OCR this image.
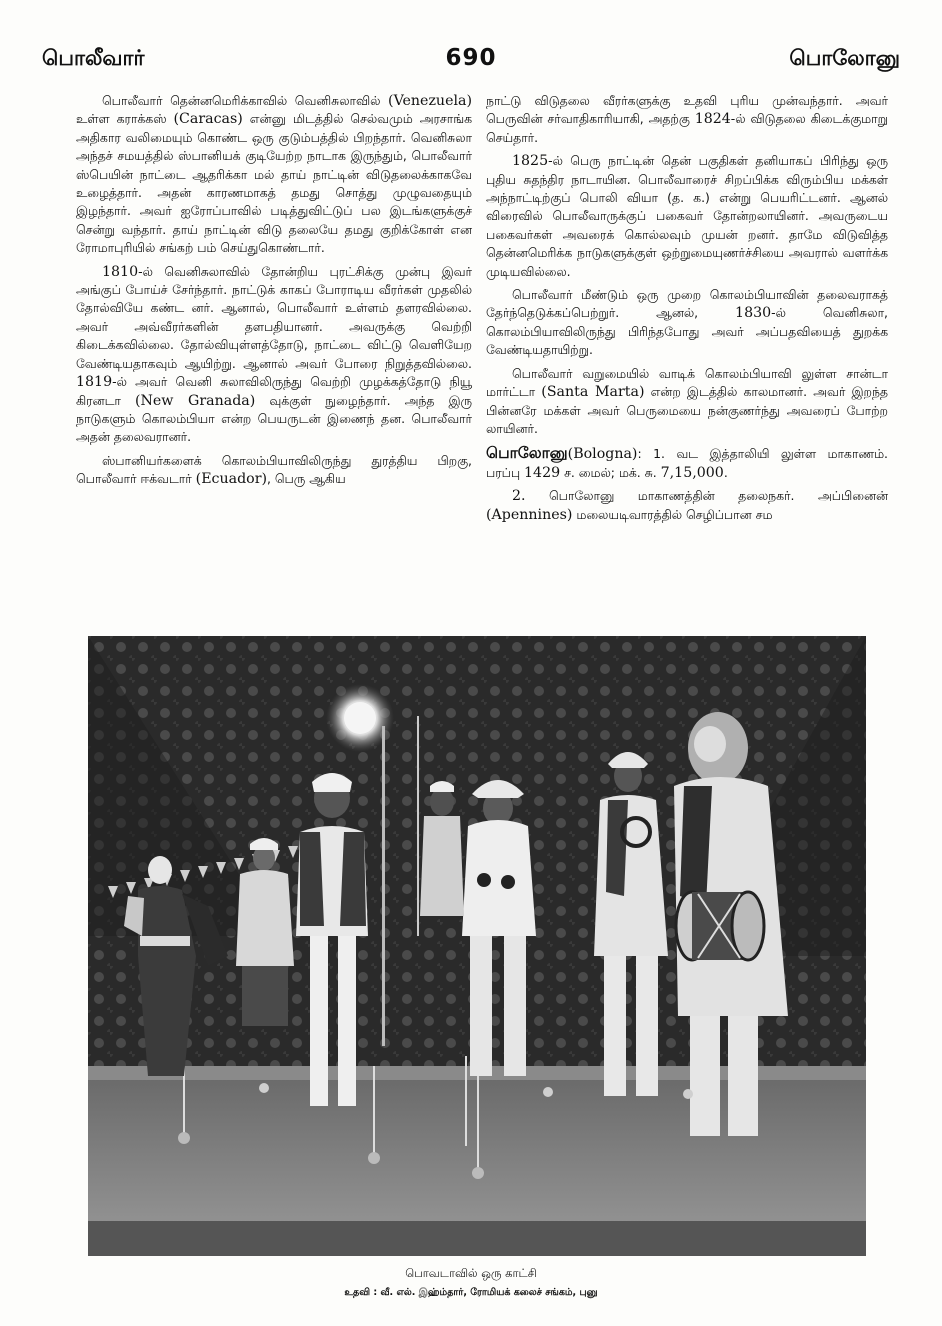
பொலீவார்	690	பொலோனு

பொலீவார் தென்னமெரிக்காவில் வெனிசுலாவில் (Venezuela) உள்ள கராக்கஸ் (Caracas) என்னு மிடத்தில் செல்வமும் அரசாங்க அதிகார வலிமையும் கொண்ட ஒரு குடும்பத்தில் பிறந்தார். வெனிசுலா அந்தச் சமயத்தில் ஸ்பானியக் குடியேற்ற நாடாக இருந்தும், பொலீவார் ஸ்பெயின் நாட்டை ஆதரிக்கா மல் தாய் நாட்டின் விடுதலைக்காகவே உழைத்தார். அதன் காரணமாகத் தமது சொத்து முழுவதையும் இழந்தார். அவர் ஐரோப்பாவில் படித்துவிட்டுப் பல இடங்களுக்குச் சென்று வந்தார். தாய் நாட்டின் விடு தலையே தமது குறிக்கோள் என ரோமாபுரியில் சங்கற் பம் செய்துகொண்டார்.

1810-ல் வெனிசுலாவில் தோன்றிய புரட்சிக்கு முன்பு இவர் அங்குப் போய்ச் சேர்ந்தார். நாட்டுக் காகப் போராடிய வீரர்கள் முதலில் தோல்வியே கண்ட னர். ஆனால், பொலீவார் உள்ளம் தளரவில்லை. அவர் அவ்வீரர்களின் தளபதியானர். அவருக்கு வெற்றி கிடைக்கவில்லை. தோல்வியுள்ளத்தோடு, நாட்டை விட்டு வெளியேற வேண்டியதாகவும் ஆயிற்று. ஆனால் அவர் போரை நிறுத்தவில்லை. 1819-ல் அவர் வெனி சுலாவிலிருந்து வெற்றி முழக்கத்தோடு நியூ கிரனடா (New Granada) வுக்குள் நுழைந்தார். அந்த இரு நாடுகளும் கொலம்பியா என்ற பெயருடன் இணைந் தன. பொலீவார் அதன் தலைவரானர்.

ஸ்பானியர்களைக் கொலம்பியாவிலிருந்து துரத்திய பிறகு, பொலீவார் ஈக்வடார் (Ecuador), பெரு ஆகிய

நாட்டு விடுதலை வீரர்களுக்கு உதவி புரிய முன்வந்தார். அவர் பெருவின் சர்வாதிகாரியாகி, அதற்கு 1824-ல் விடுதலை கிடைக்குமாறு செய்தார்.

1825-ல் பெரு நாட்டின் தென் பகுதிகள் தனியாகப் பிரிந்து ஒரு புதிய சுதந்திர நாடாயின. பொலீவாரைச் சிறப்பிக்க விரும்பிய மக்கள் அந்நாட்டிற்குப் பொலி வியா (த. க.) என்று பெயரிட்டனர். ஆனல் விரைவில் பொலீவாருக்குப் பகைவர் தோன்றலாயினர். அவருடைய பகைவர்கள் அவரைக் கொல்லவும் முயன் றனர். தாமே விடுவித்த தென்னமெரிக்க நாடுகளுக்குள் ஒற்றுமையுணர்ச்சியை அவரால் வளர்க்க முடியவில்லை.

பொலீவார் மீண்டும் ஒரு முறை கொலம்பியாவின் தலைவராகத் தேர்ந்தெடுக்கப்பெற்றுர். ஆனல், 1830-ல் வெனிசுலா, கொலம்பியாவிலிருந்து பிரிந்தபோது அவர் அப்பதவியைத் துறக்க வேண்டியதாயிற்று.

பொலீவார் வறுமையில் வாடிக் கொலம்பியாவி லுள்ள சான்டா மார்ட்டா (Santa Marta) என்ற இடத்தில் காலமானர். அவர் இறந்த பின்னரே மக்கள் அவர் பெருமையை நன்குணர்ந்து அவரைப் போற்ற லாயினர்.

பொலோனு(Bologna): 1. வட இத்தாலியி லுள்ள மாகாணம். பரப்பு 1429 ச. மைல்; மக். சு. 7,15,000.

2. பொலோனு மாகாணத்தின் தலைநகர். அப்பினைன் (Apennines) மலையடிவாரத்தில் செழிப்பான சம

பொவடாவில் ஒரு காட்சி
உதவி : வீ. எல். இஹ்ம்தார், ரோமியக் கலைச் சங்கம், புனு
